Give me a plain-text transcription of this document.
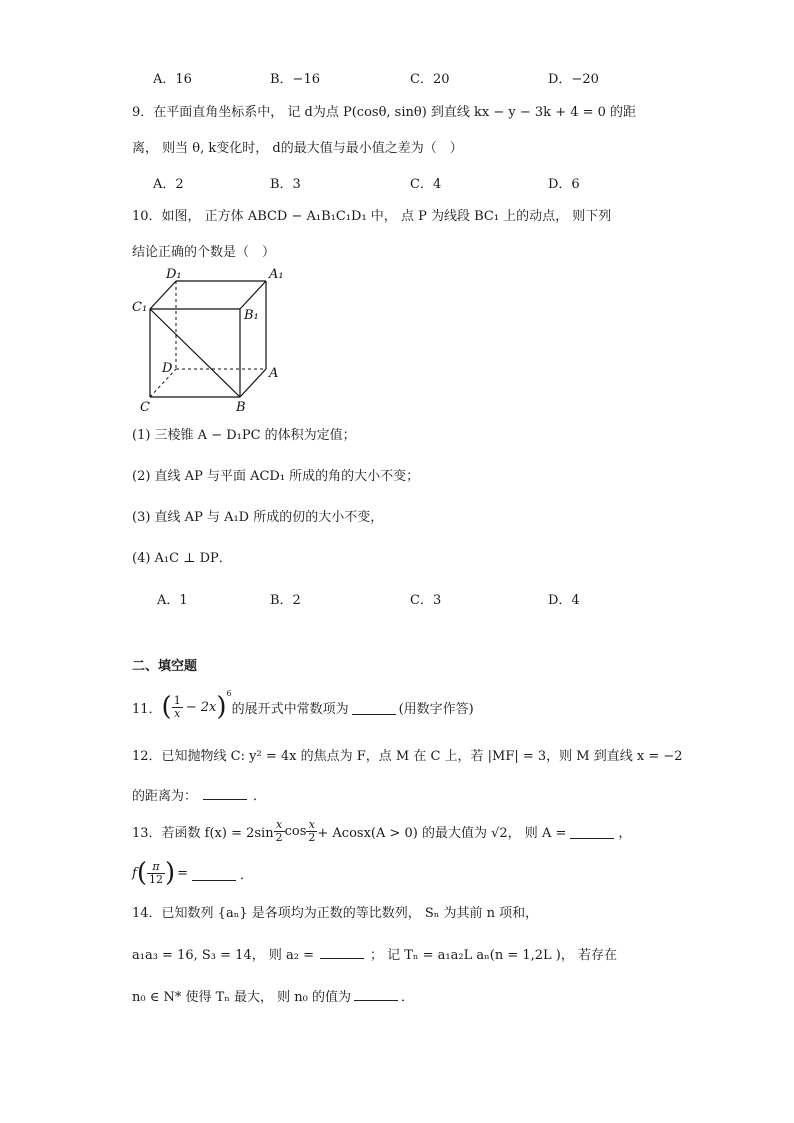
A．16	B．−16	C．20	D．−20
9．在平面直角坐标系中， 记 d为点 P(cosθ, sinθ) 到直线 kx − y − 3k + 4 = 0 的距
离， 则当 θ, k变化时， d的最大值与最小值之差为（　）
A．2	B．3	C．4	D．6
10．如图， 正方体 ABCD − A₁B₁C₁D₁ 中， 点 P 为线段 BC₁ 上的动点， 则下列
结论正确的个数是（　）
D₁	A₁
C₁
B₁
D	A
C	B
(1) 三棱锥 A − D₁PC 的体积为定值；
(2) 直线 AP 与平面 ACD₁ 所成的角的大小不变；
(3) 直线 AP 与 A₁D 所成的仞的大小不变，
(4) A₁C ⊥ DP．
A．1	B．2	C．3	D．4
二、填空题
11． ( $\frac{1}{x} - 2x$ ) 6
的展开式中常数项为	(用数字作答)
12．已知抛物线 C: y² = 4x 的焦点为 F，点 M 在 C 上，若 |MF| = 3，则 M 到直线 x = −2
的距离为：	．
13．若函数 $f(x) = 2\sin \frac{x}{2}$ $\cos \frac{x}{2} + Acosx(A > 0)$ 的最大值为 √2， 则 A =	，
f ( $\frac{\pi}{12}$ ) =	．
14．已知数列 {aₙ} 是各项均为正数的等比数列， Sₙ 为其前 n 项和，
a₁a₃ = 16, S₃ = 14， 则 a₂ =	； 记 Tₙ = a₁a₂L aₙ(n = 1,2L )， 若存在
n₀ ∈ N* 使得 Tₙ 最大， 则 n₀ 的值为	．
